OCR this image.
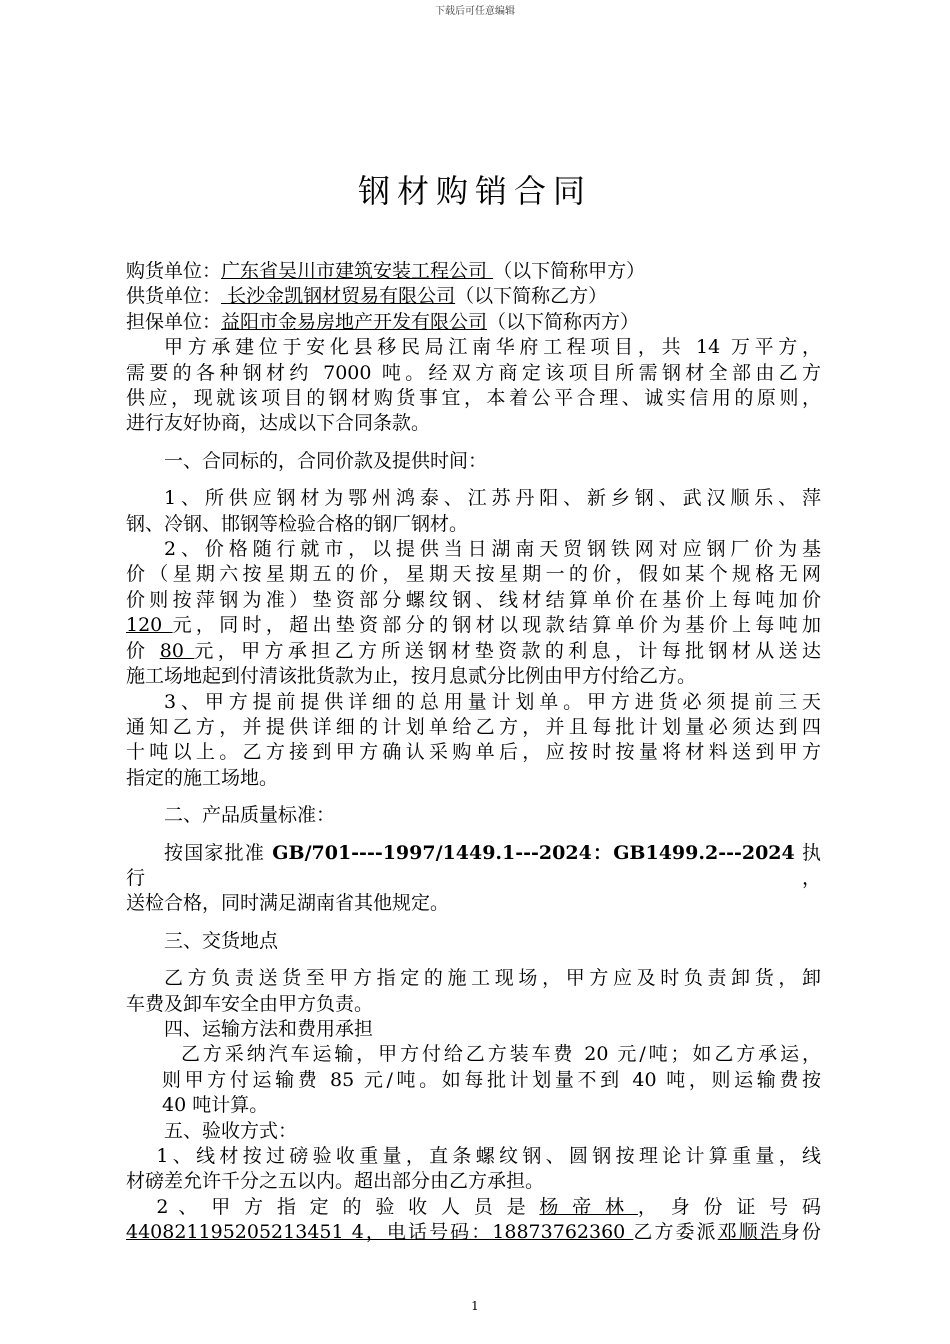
下载后可任意编辑
钢材购销合同

购货单位：广东省吴川市建筑安装工程公司 （以下简称甲方）

供货单位： 长沙金凯钢材贸易有限公司（以下简称乙方）

担保单位：益阳市金易房地产开发有限公司（以下简称丙方）

甲方承建位于安化县移民局江南华府工程项目，共 14 万平方，

需要的各种钢材约 7000 吨。经双方商定该项目所需钢材全部由乙方

供应，现就该项目的钢材购货事宜，本着公平合理、诚实信用的原则，

进行友好协商，达成以下合同条款。

一、合同标的，合同价款及提供时间：

1、所供应钢材为鄂州鸿泰、江苏丹阳、新乡钢、武汉顺乐、萍

钢、冷钢、邯钢等检验合格的钢厂钢材。

2、价格随行就市，以提供当日湖南天贸钢铁网对应钢厂价为基

价（星期六按星期五的价，星期天按星期一的价，假如某个规格无网

价则按萍钢为准）垫资部分螺纹钢、线材结算单价在基价上每吨加价

120 元，同时，超出垫资部分的钢材以现款结算单价为基价上每吨加

价 80 元，甲方承担乙方所送钢材垫资款的利息，计每批钢材从送达

施工场地起到付清该批货款为止，按月息贰分比例由甲方付给乙方。

3、甲方提前提供详细的总用量计划单。甲方进货必须提前三天

通知乙方，并提供详细的计划单给乙方，并且每批计划量必须达到四

十吨以上。乙方接到甲方确认采购单后，应按时按量将材料送到甲方

指定的施工场地。

二、产品质量标准：

按国家批准 GB/701----1997/1449.1---2024：GB1499.2---2024 执行，

送检合格，同时满足湖南省其他规定。

三、交货地点

乙方负责送货至甲方指定的施工现场，甲方应及时负责卸货，卸

车费及卸车安全由甲方负责。

四、运输方法和费用承担

乙方采纳汽车运输，甲方付给乙方装车费 20 元/吨；如乙方承运，

则甲方付运输费 85 元/吨。如每批计划量不到 40 吨，则运输费按

40 吨计算。

五、验收方式：

1、线材按过磅验收重量，直条螺纹钢、圆钢按理论计算重量，线

材磅差允许千分之五以内。超出部分由乙方承担。

2 、 甲 方 指 定 的 验 收 人 员 是 杨 帝 林 ， 身 份 证 号 码

440821195205213451 4，电话号码：18873762360 乙方委派邓顺浩身份

1
